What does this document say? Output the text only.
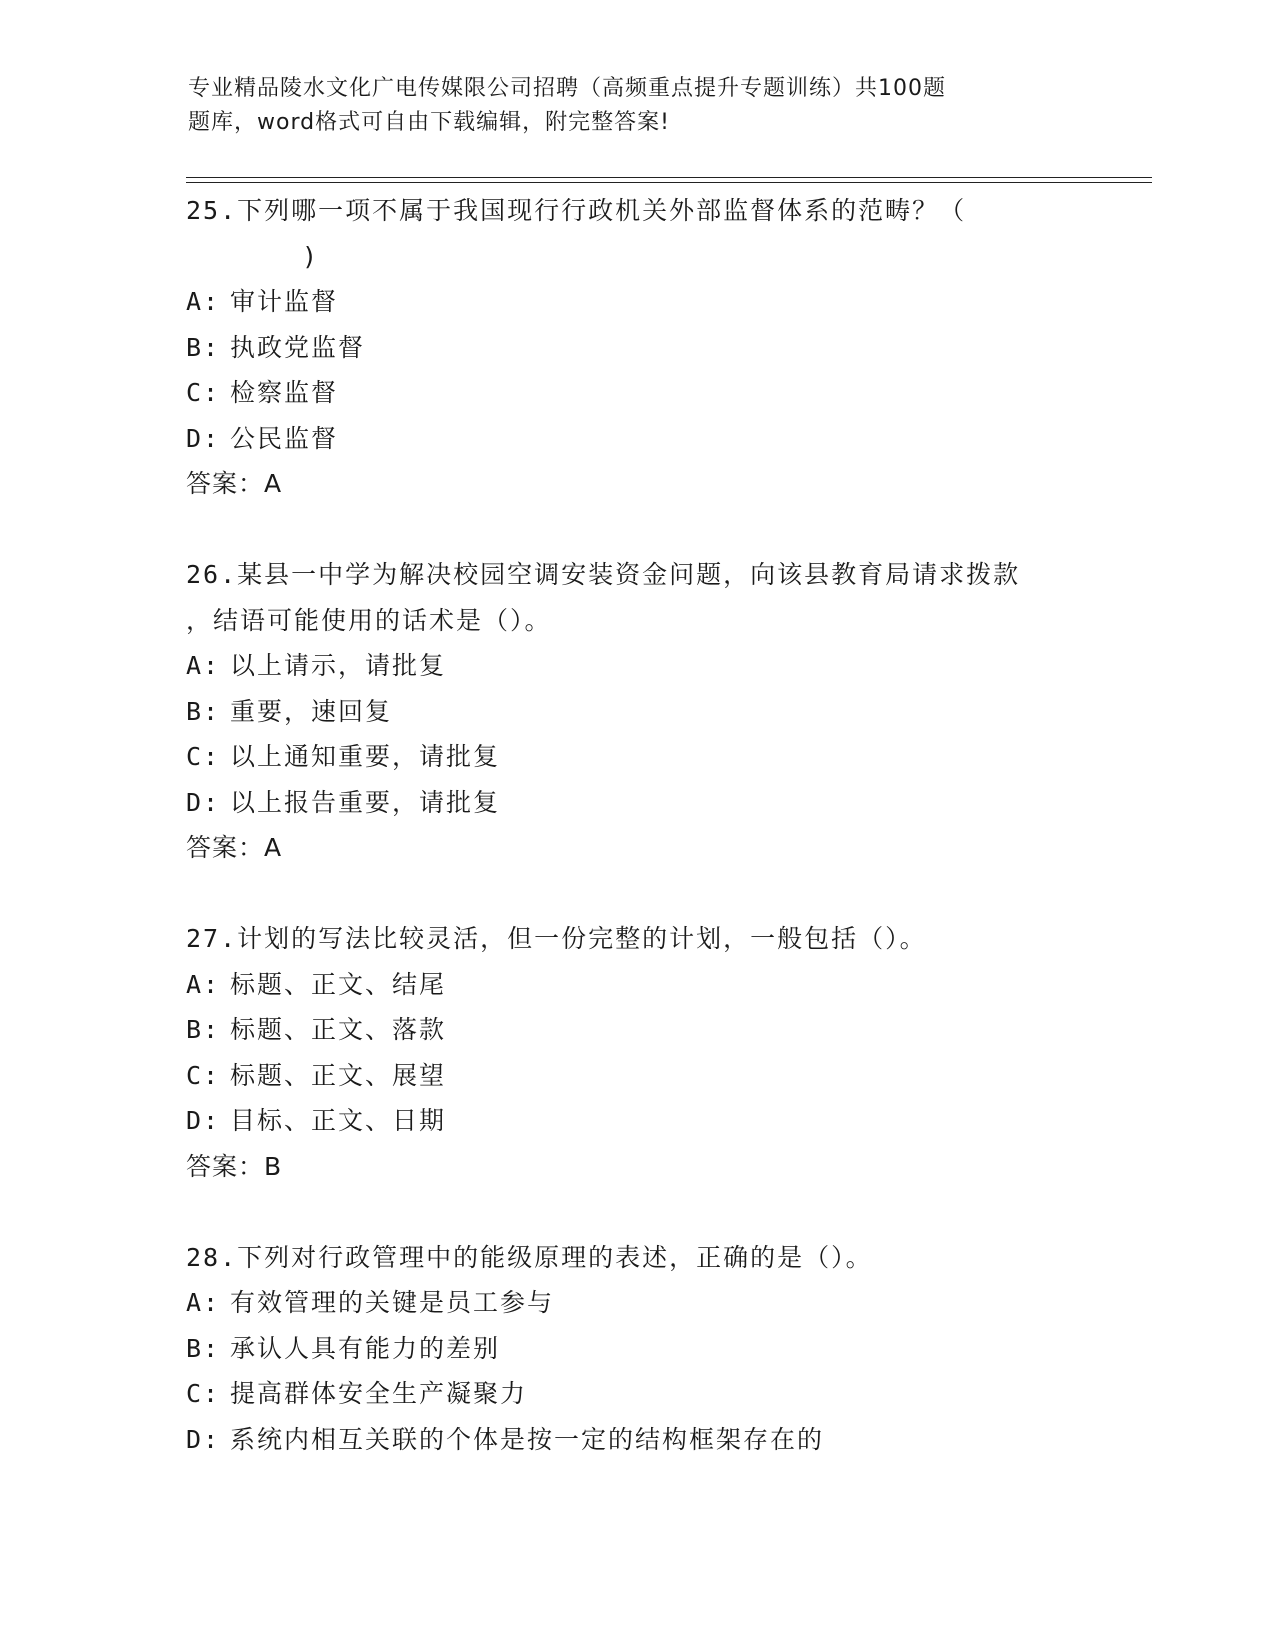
专业精品陵水文化广电传媒限公司招聘（高频重点提升专题训练）共100题
题库，word格式可自由下载编辑，附完整答案!
25.下列哪一项不属于我国现行行政机关外部监督体系的范畴？（
)
A: 审计监督
B: 执政党监督
C: 检察监督
D: 公民监督
答案：A
26.某县一中学为解决校园空调安装资金问题，向该县教育局请求拨款
，结语可能使用的话术是（）。
A: 以上请示，请批复
B: 重要，速回复
C: 以上通知重要，请批复
D: 以上报告重要，请批复
答案：A
27.计划的写法比较灵活，但一份完整的计划，一般包括（）。
A: 标题、正文、结尾
B: 标题、正文、落款
C: 标题、正文、展望
D: 目标、正文、日期
答案：B
28.下列对行政管理中的能级原理的表述，正确的是（）。
A: 有效管理的关键是员工参与
B: 承认人具有能力的差别
C: 提高群体安全生产凝聚力
D: 系统内相互关联的个体是按一定的结构框架存在的
